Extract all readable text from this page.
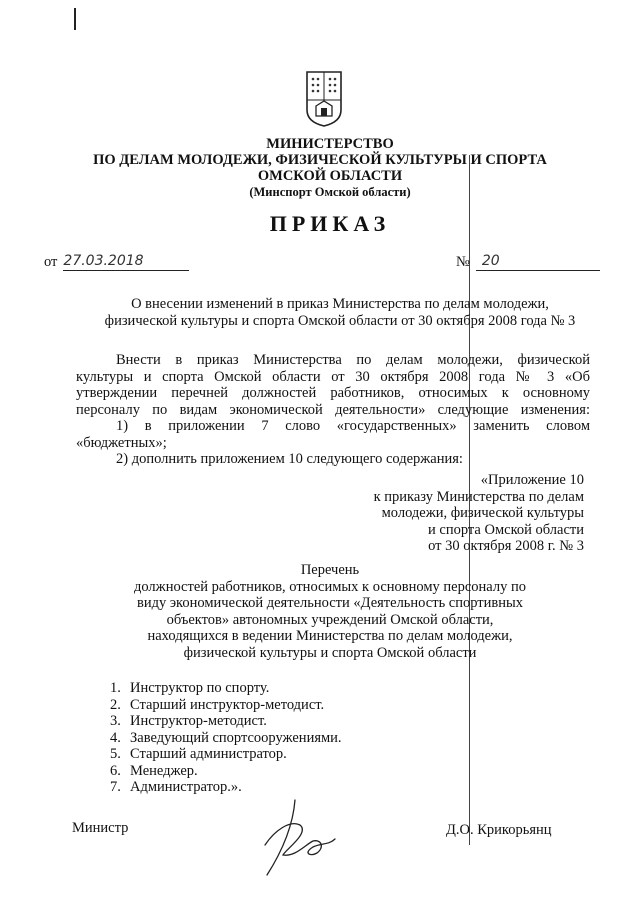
МИНИСТЕРСТВО
ПО ДЕЛАМ МОЛОДЕЖИ, ФИЗИЧЕСКОЙ КУЛЬТУРЫ И СПОРТА
ОМСКОЙ ОБЛАСТИ
(Минспорт Омской области)
ПРИКАЗ
от 27.03.2018	№ 20
О внесении изменений в приказ Министерства по делам молодежи,
физической культуры и спорта Омской области от 30 октября 2008 года № 3
Внести в приказ Министерства по делам молодежи, физической
культуры и спорта Омской области от 30 октября 2008 года № 3 «Об
утверждении перечней должностей работников, относимых к основному
персоналу по видам экономической деятельности» следующие изменения:
1) в приложении 7 слово «государственных» заменить словом
«бюджетных»;
2) дополнить приложением 10 следующего содержания:
«Приложение 10
к приказу Министерства по делам
молодежи, физической культуры
и спорта Омской области
от 30 октября 2008 г. № 3
Перечень
должностей работников, относимых к основному персоналу по
виду экономической деятельности «Деятельность спортивных
объектов» автономных учреждений Омской области,
находящихся в ведении Министерства по делам молодежи,
физической культуры и спорта Омской области
1. Инструктор по спорту.
2. Старший инструктор-методист.
3. Инструктор-методист.
4. Заведующий спортсооружениями.
5. Старший администратор.
6. Менеджер.
7. Администратор.».
Министр	Д.О. Крикорьянц
